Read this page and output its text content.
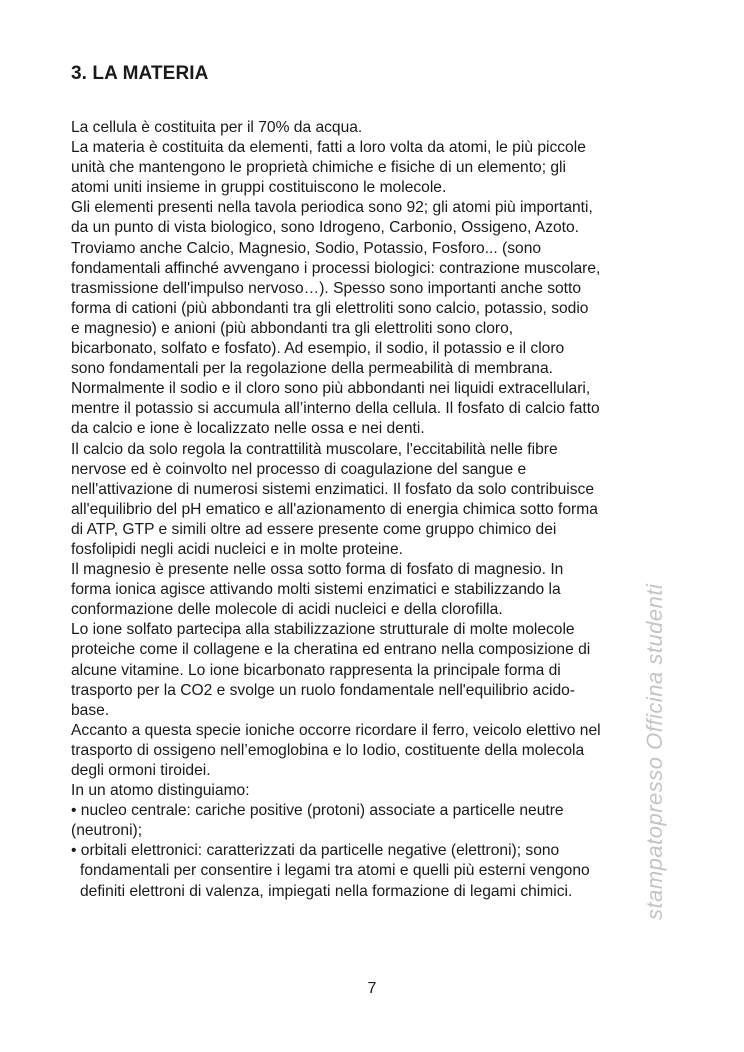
3. LA MATERIA
La cellula è costituita per il 70% da acqua.
La materia è costituita da elementi, fatti a loro volta da atomi, le più piccole
unità che mantengono le proprietà chimiche e fisiche di un elemento; gli
atomi uniti insieme in gruppi costituiscono le molecole.
Gli elementi presenti nella tavola periodica sono 92; gli atomi più importanti,
da un punto di vista biologico, sono Idrogeno, Carbonio, Ossigeno, Azoto.
Troviamo anche Calcio, Magnesio, Sodio, Potassio, Fosforo... (sono
fondamentali affinché avvengano i processi biologici: contrazione muscolare,
trasmissione dell'impulso nervoso…). Spesso sono importanti anche sotto
forma di cationi (più abbondanti tra gli elettroliti sono calcio, potassio, sodio
e magnesio) e anioni (più abbondanti tra gli elettroliti sono cloro,
bicarbonato, solfato e fosfato). Ad esempio, il sodio, il potassio e il cloro
sono fondamentali per la regolazione della permeabilità di membrana.
Normalmente il sodio e il cloro sono più abbondanti nei liquidi extracellulari,
mentre il potassio si accumula all’interno della cellula. Il fosfato di calcio fatto
da calcio e ione è localizzato nelle ossa e nei denti.
Il calcio da solo regola la contrattilità muscolare, l'eccitabilità nelle fibre
nervose ed è coinvolto nel processo di coagulazione del sangue e
nell'attivazione di numerosi sistemi enzimatici. Il fosfato da solo contribuisce
all'equilibrio del pH ematico e all'azionamento di energia chimica sotto forma
di ATP, GTP e simili oltre ad essere presente come gruppo chimico dei
fosfolipidi negli acidi nucleici e in molte proteine.
Il magnesio è presente nelle ossa sotto forma di fosfato di magnesio. In
forma ionica agisce attivando molti sistemi enzimatici e stabilizzando la
conformazione delle molecole di acidi nucleici e della clorofilla.
Lo ione solfato partecipa alla stabilizzazione strutturale di molte molecole
proteiche come il collagene e la cheratina ed entrano nella composizione di
alcune vitamine. Lo ione bicarbonato rappresenta la principale forma di
trasporto per la CO2 e svolge un ruolo fondamentale nell'equilibrio acido-
base.
Accanto a questa specie ioniche occorre ricordare il ferro, veicolo elettivo nel
trasporto di ossigeno nell’emoglobina e lo Iodio, costituente della molecola
degli ormoni tiroidei.
In un atomo distinguiamo:
• nucleo centrale: cariche positive (protoni) associate a particelle neutre
(neutroni);
• orbitali elettronici: caratterizzati da particelle negative (elettroni); sono
fondamentali per consentire i legami tra atomi e quelli più esterni vengono
definiti elettroni di valenza, impiegati nella formazione di legami chimici.
7
stampatopresso Officina studenti
